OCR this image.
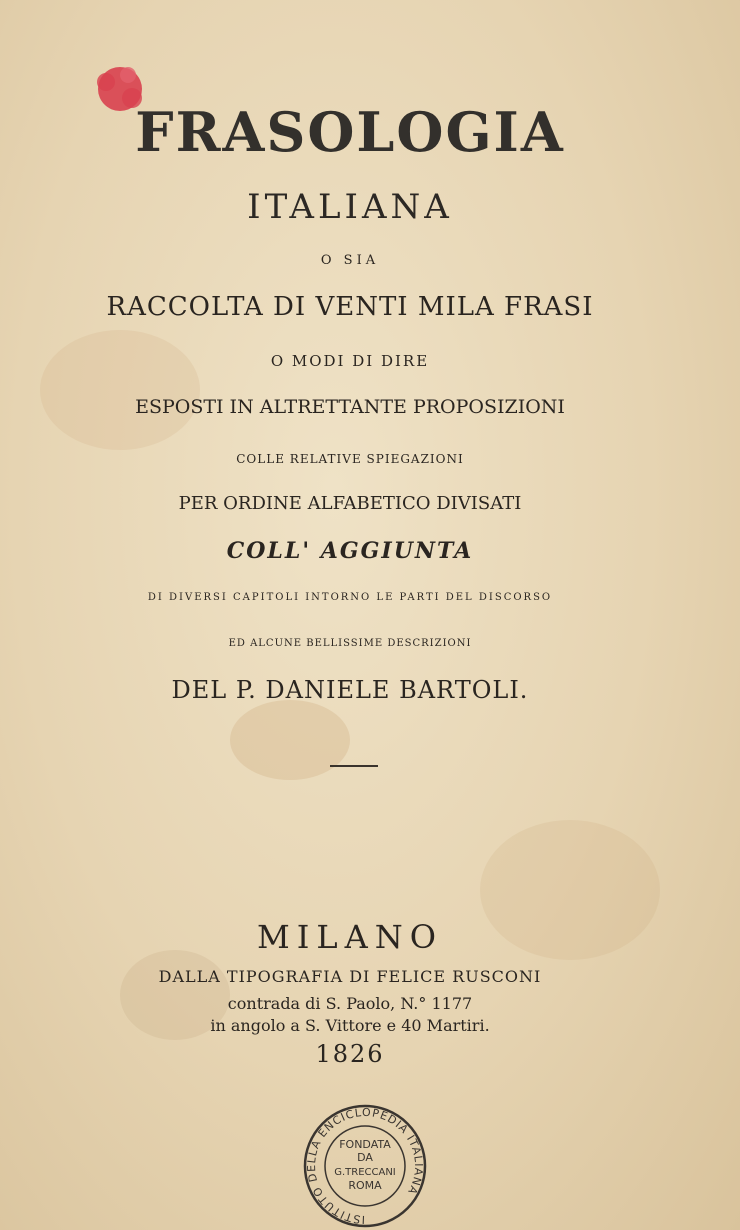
FRASOLOGIA
ITALIANA
O SIA
RACCOLTA DI VENTI MILA FRASI
O MODI DI DIRE
ESPOSTI IN ALTRETTANTE PROPOSIZIONI
COLLE RELATIVE SPIEGAZIONI
PER ORDINE ALFABETICO DIVISATI
COLL' AGGIUNTA
DI DIVERSI CAPITOLI INTORNO LE PARTI DEL DISCORSO
ED ALCUNE BELLISSIME DESCRIZIONI
DEL P. DANIELE BARTOLI.
MILANO
DALLA TIPOGRAFIA DI FELICE RUSCONI
contrada di S. Paolo, N.° 1177
in angolo a S. Vittore e 40 Martiri.
1826
ISTITUTO DELLA ENCICLOPEDIA ITALIANA
FONDATA
DA
G.TRECCANI
ROMA
